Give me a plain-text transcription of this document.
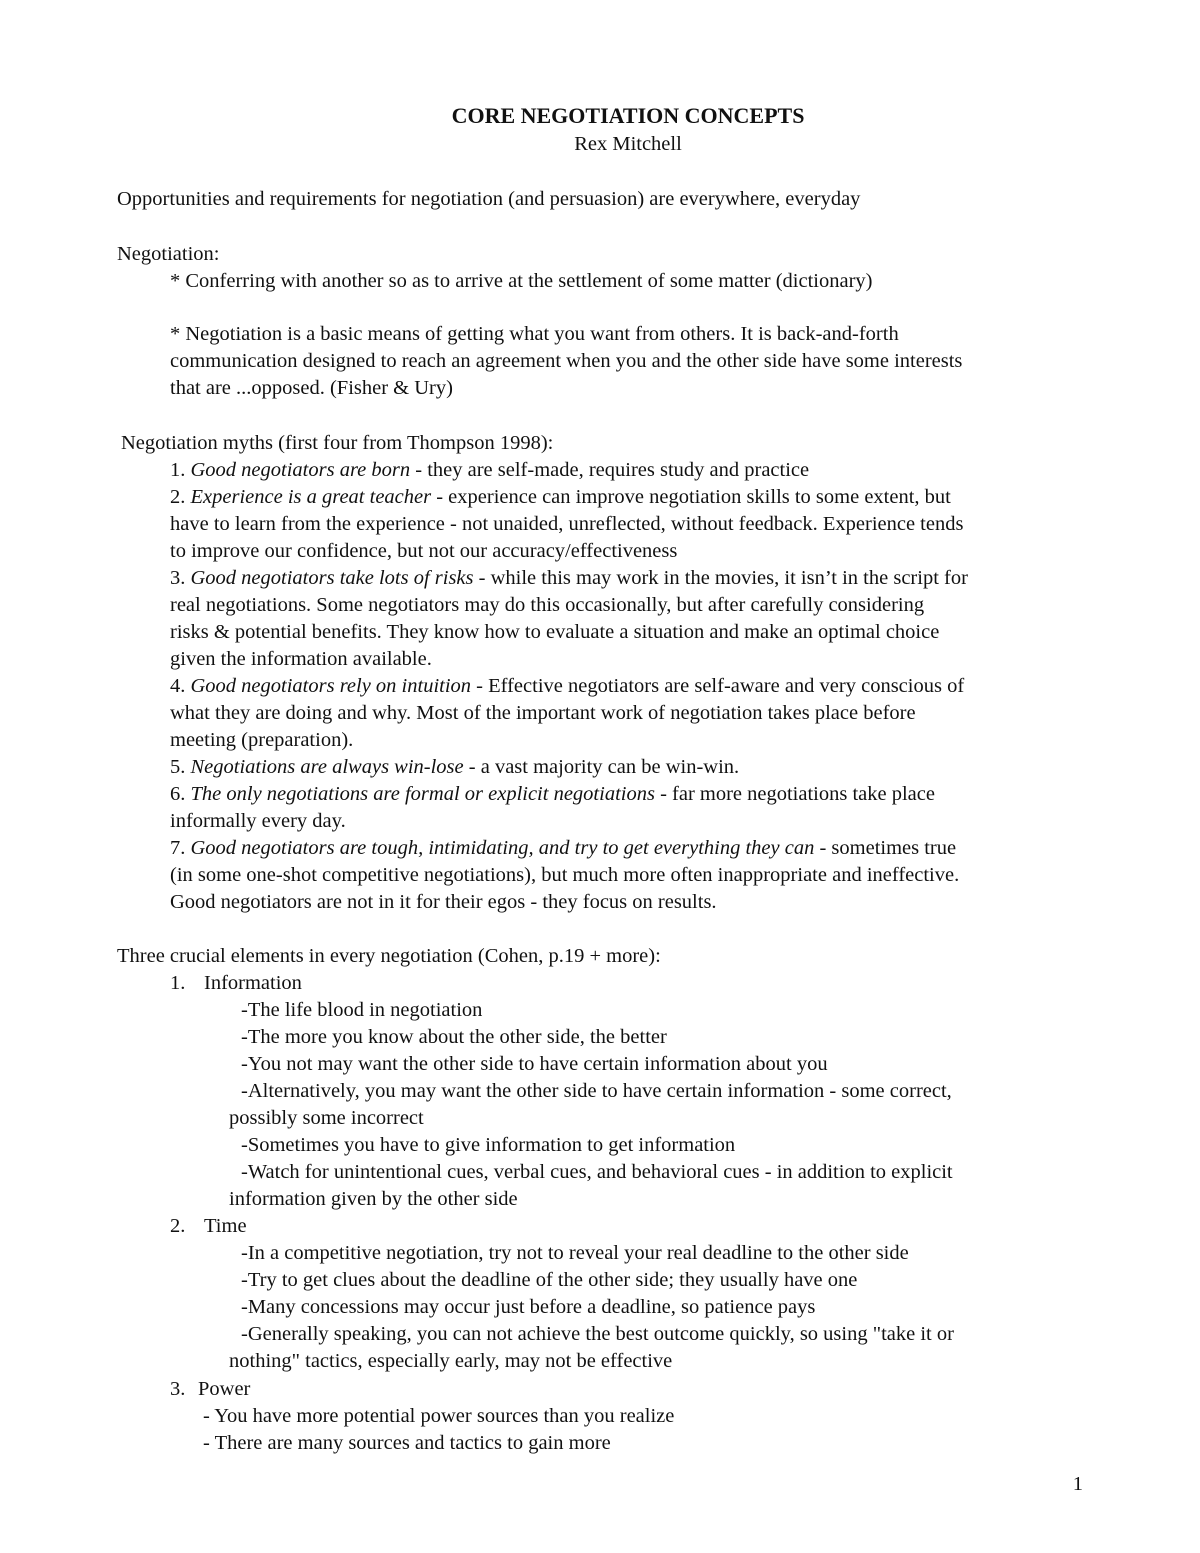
CORE NEGOTIATION CONCEPTS
Rex Mitchell
Opportunities and requirements for negotiation (and persuasion) are everywhere, everyday
Negotiation:
* Conferring with another so as to arrive at the settlement of some matter (dictionary)
* Negotiation is a basic means of getting what you want from others. It is back-and-forth
communication designed to reach an agreement when you and the other side have some interests
that are ...opposed. (Fisher & Ury)
Negotiation myths (first four from Thompson 1998):
1. Good negotiators are born - they are self-made, requires study and practice
2. Experience is a great teacher - experience can improve negotiation skills to some extent, but
have to learn from the experience - not unaided, unreflected, without feedback. Experience tends
to improve our confidence, but not our accuracy/effectiveness
3. Good negotiators take lots of risks - while this may work in the movies, it isn’t in the script for
real negotiations. Some negotiators may do this occasionally, but after carefully considering
risks & potential benefits. They know how to evaluate a situation and make an optimal choice
given the information available.
4. Good negotiators rely on intuition - Effective negotiators are self-aware and very conscious of
what they are doing and why. Most of the important work of negotiation takes place before
meeting (preparation).
5. Negotiations are always win-lose - a vast majority can be win-win.
6. The only negotiations are formal or explicit negotiations - far more negotiations take place
informally every day.
7. Good negotiators are tough, intimidating, and try to get everything they can - sometimes true
(in some one-shot competitive negotiations), but much more often inappropriate and ineffective.
Good negotiators are not in it for their egos - they focus on results.
Three crucial elements in every negotiation (Cohen, p.19 + more):
1. Information
-The life blood in negotiation
-The more you know about the other side, the better
-You not may want the other side to have certain information about you
-Alternatively, you may want the other side to have certain information - some correct,
possibly some incorrect
-Sometimes you have to give information to get information
-Watch for unintentional cues, verbal cues, and behavioral cues - in addition to explicit
information given by the other side
2. Time
-In a competitive negotiation, try not to reveal your real deadline to the other side
-Try to get clues about the deadline of the other side; they usually have one
-Many concessions may occur just before a deadline, so patience pays
-Generally speaking, you can not achieve the best outcome quickly, so using "take it or
nothing" tactics, especially early, may not be effective
3. Power
- You have more potential power sources than you realize
- There are many sources and tactics to gain more
1
